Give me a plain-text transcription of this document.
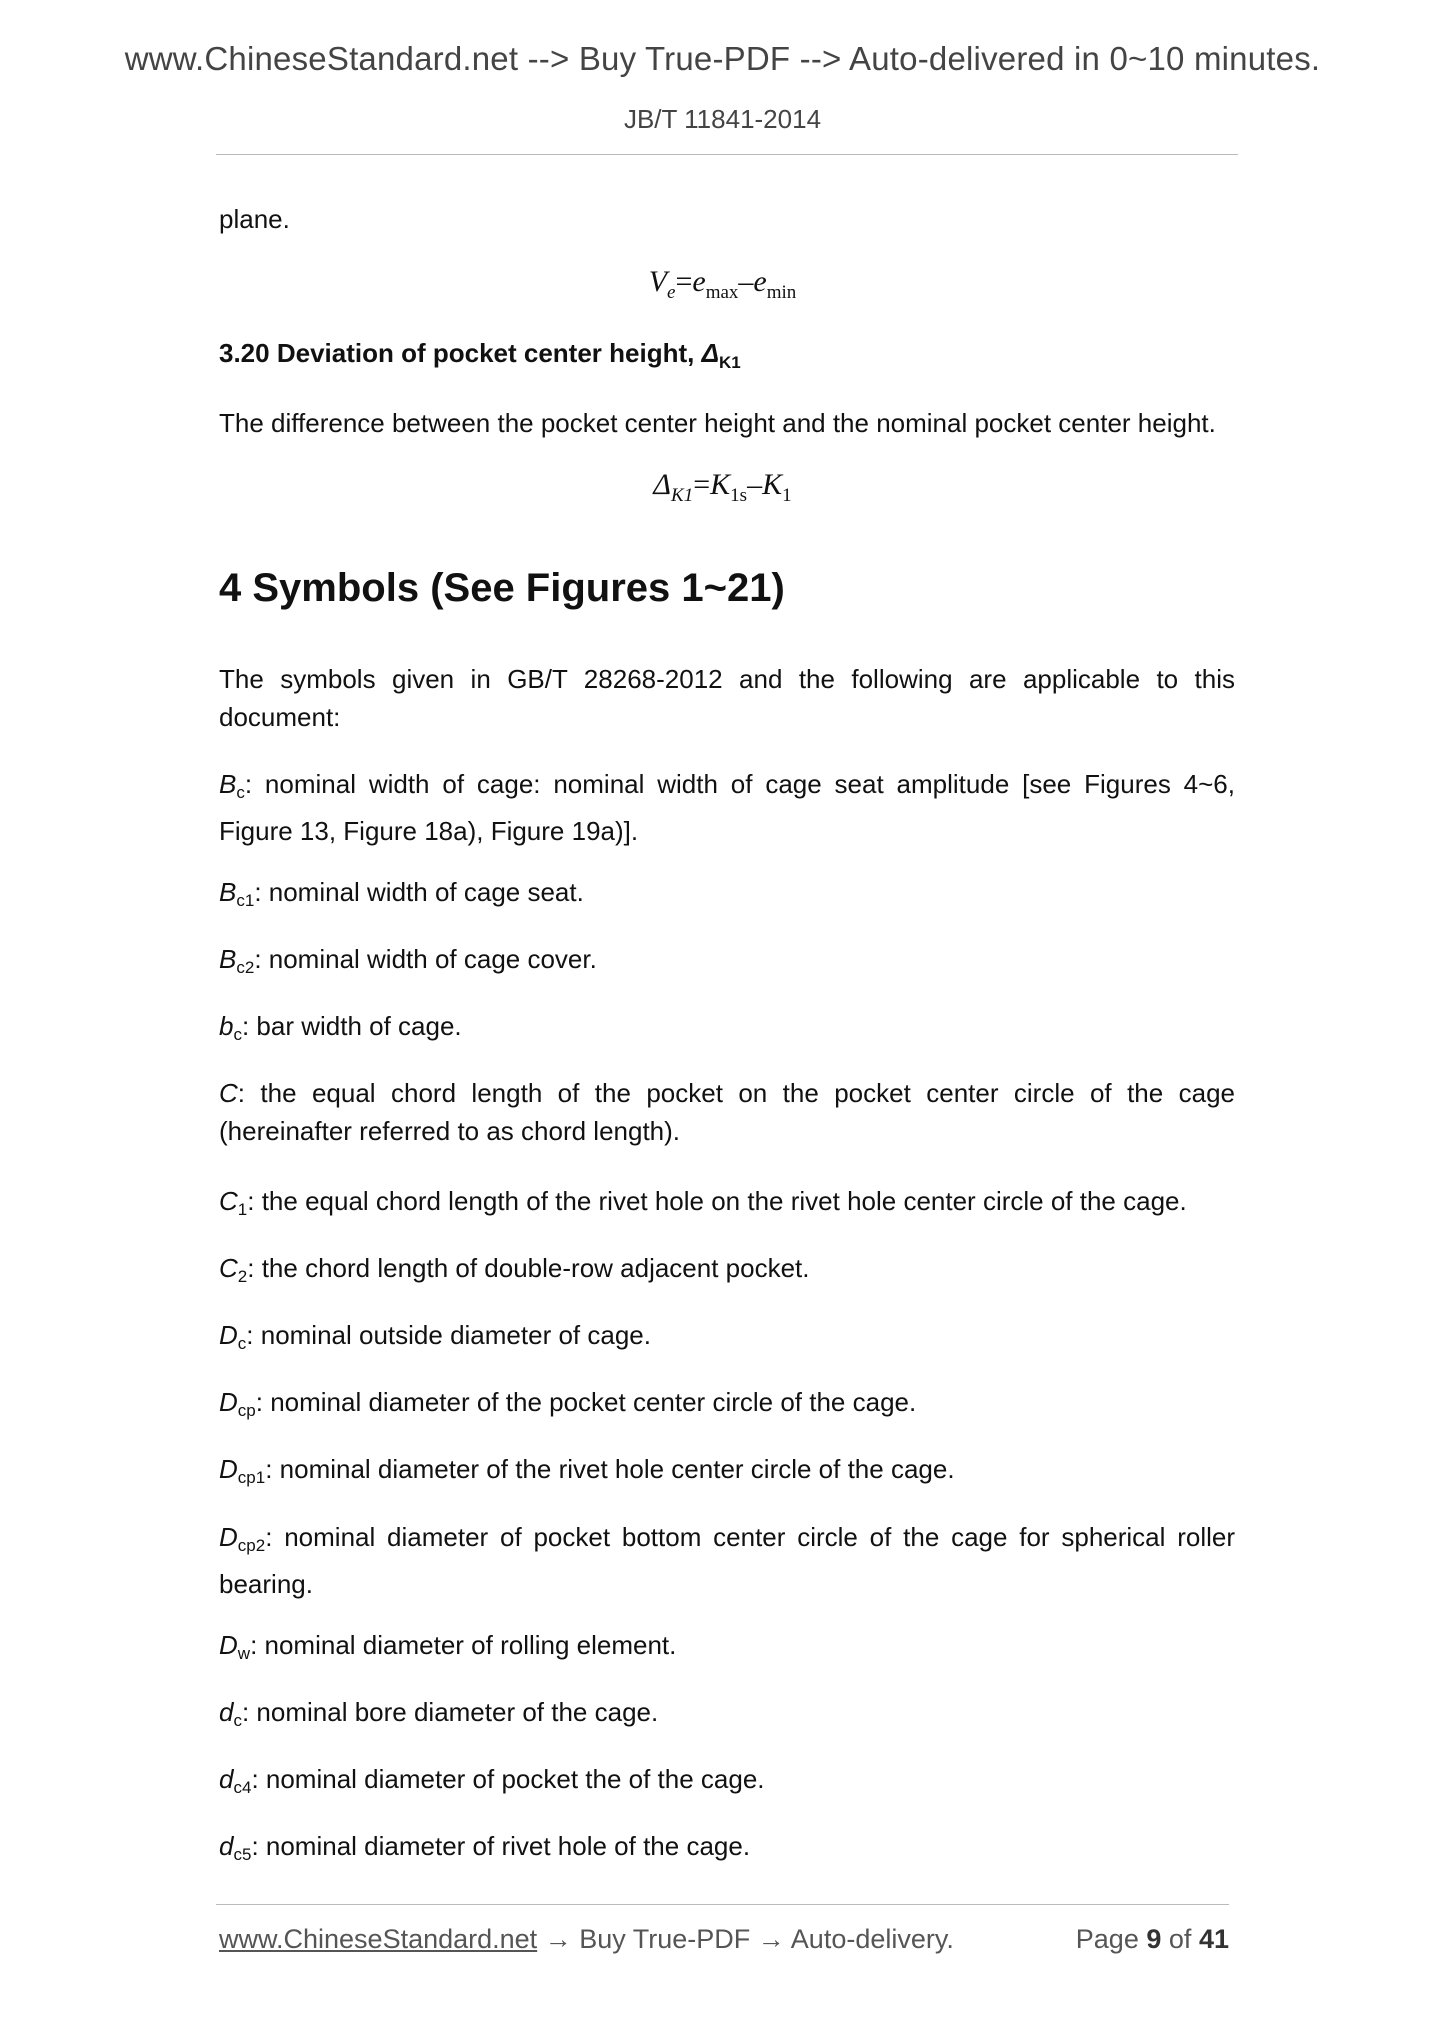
www.ChineseStandard.net --> Buy True-PDF --> Auto-delivered in 0~10 minutes.
JB/T 11841-2014
plane.
$V_e=e_{max}-e_{min}$
3.20 Deviation of pocket center height, $\Delta_{K1}$
The difference between the pocket center height and the nominal pocket center height.
$\Delta_{K1}=K_{1s}-K_1$
4 Symbols (See Figures 1~21)
The symbols given in GB/T 28268-2012 and the following are applicable to this document:
$B_c$: nominal width of cage: nominal width of cage seat amplitude [see Figures 4~6, Figure 13, Figure 18a), Figure 19a)].
$B_{c1}$: nominal width of cage seat.
$B_{c2}$: nominal width of cage cover.
$b_c$: bar width of cage.
C: the equal chord length of the pocket on the pocket center circle of the cage (hereinafter referred to as chord length).
$C_1$: the equal chord length of the rivet hole on the rivet hole center circle of the cage.
$C_2$: the chord length of double-row adjacent pocket.
$D_c$: nominal outside diameter of cage.
$D_{cp}$: nominal diameter of the pocket center circle of the cage.
$D_{cp1}$: nominal diameter of the rivet hole center circle of the cage.
$D_{cp2}$: nominal diameter of pocket bottom center circle of the cage for spherical roller bearing.
$D_w$: nominal diameter of rolling element.
$d_c$: nominal bore diameter of the cage.
$d_{c4}$: nominal diameter of pocket the of the cage.
$d_{c5}$: nominal diameter of rivet hole of the cage.
www.ChineseStandard.net → Buy True-PDF → Auto-delivery.	Page 9 of 41
